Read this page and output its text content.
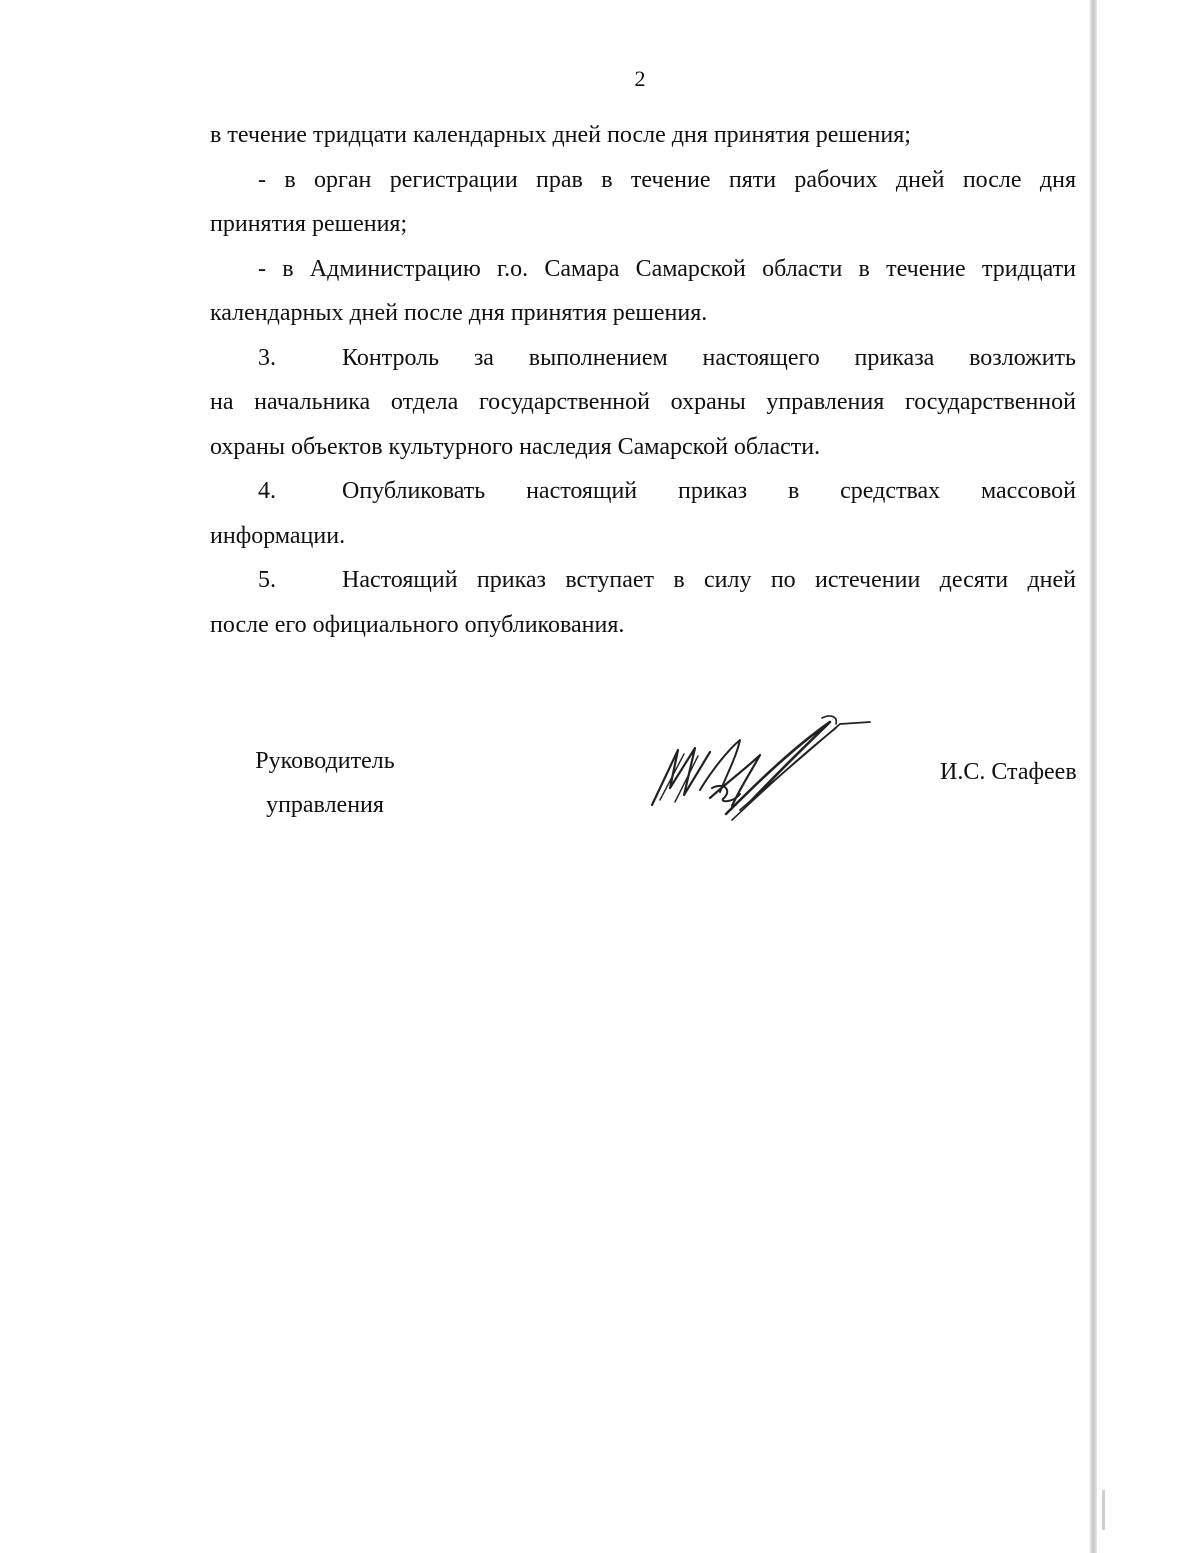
2

в течение тридцати календарных дней после дня принятия решения;

- в орган регистрации прав в течение пяти рабочих дней после дня

принятия решения;

- в Администрацию г.о. Самара Самарской области в течение тридцати

календарных дней после дня принятия решения.

3.	Контроль за выполнением настоящего приказа возложить

на начальника отдела государственной охраны управления государственной

охраны объектов культурного наследия Самарской области.

4.	Опубликовать настоящий приказ в средствах массовой

информации.

5.	Настоящий приказ вступает в силу по истечении десяти дней

после его официального опубликования.

Руководитель
управления
И.С. Стафеев
